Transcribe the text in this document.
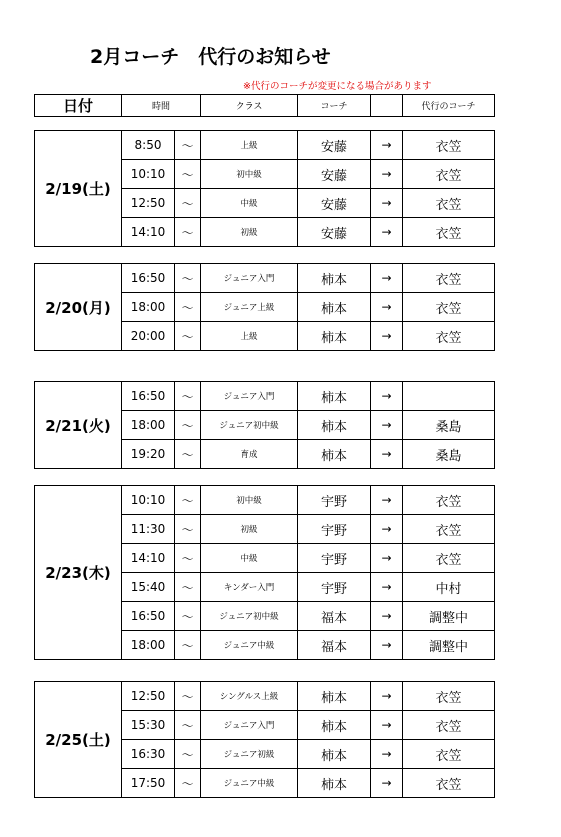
2月コーチ　代行のお知らせ
※代行のコーチが変更になる場合があります
日付	時間	クラス	コーチ		代行のコーチ
2/19(土)	8:50	〜	上級	安藤	→	衣笠
	10:10	〜	初中級	安藤	→	衣笠
	12:50	〜	中級	安藤	→	衣笠
	14:10	〜	初級	安藤	→	衣笠
2/20(月)	16:50	〜	ジュニア入門	柿本	→	衣笠
	18:00	〜	ジュニア上級	柿本	→	衣笠
	20:00	〜	上級	柿本	→	衣笠
2/21(火)	16:50	〜	ジュニア入門	柿本	→	
	18:00	〜	ジュニア初中級	柿本	→	桑島
	19:20	〜	育成	柿本	→	桑島
2/23(木)	10:10	〜	初中級	宇野	→	衣笠
	11:30	〜	初級	宇野	→	衣笠
	14:10	〜	中級	宇野	→	衣笠
	15:40	〜	キンダー入門	宇野	→	中村
	16:50	〜	ジュニア初中級	福本	→	調整中
	18:00	〜	ジュニア中級	福本	→	調整中
2/25(土)	12:50	〜	シングルス上級	柿本	→	衣笠
	15:30	〜	ジュニア入門	柿本	→	衣笠
	16:30	〜	ジュニア初級	柿本	→	衣笠
	17:50	〜	ジュニア中級	柿本	→	衣笠
